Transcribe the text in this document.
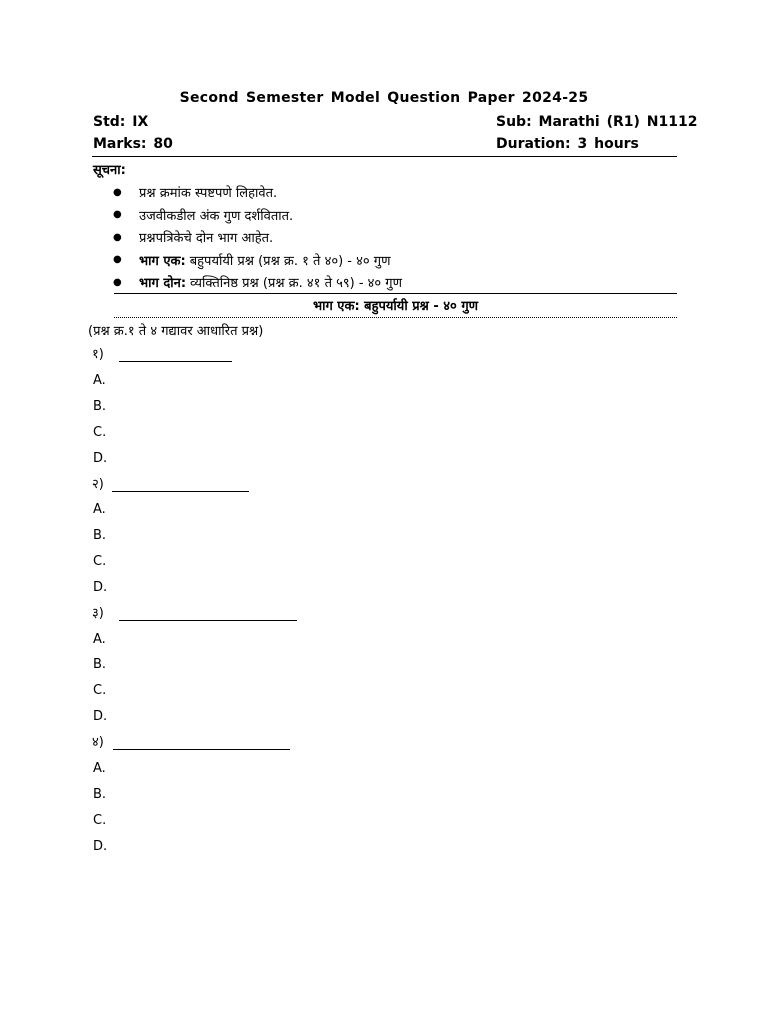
Second Semester Model Question Paper 2024-25
Std: IX	Sub: Marathi (R1) N1112
Marks: 80	Duration: 3 hours
सूचना:
●	प्रश्न क्रमांक स्पष्टपणे लिहावेत.
●	उजवीकडील अंक गुण दर्शवितात.
●	प्रश्नपत्रिकेचे दोन भाग आहेत.
●	भाग एक: बहुपर्यायी प्रश्न (प्रश्न क्र. १ ते ४०) - ४० गुण
●	भाग दोन: व्यक्तिनिष्ठ प्रश्न (प्रश्न क्र. ४१ ते ५९) - ४० गुण
भाग एक: बहुपर्यायी प्रश्न - ४० गुण
(प्रश्न क्र.१ ते ४ गद्यावर आधारित प्रश्न)
१)
A.
B.
C.
D.
२)
A.
B.
C.
D.
३)
A.
B.
C.
D.
४)
A.
B.
C.
D.
